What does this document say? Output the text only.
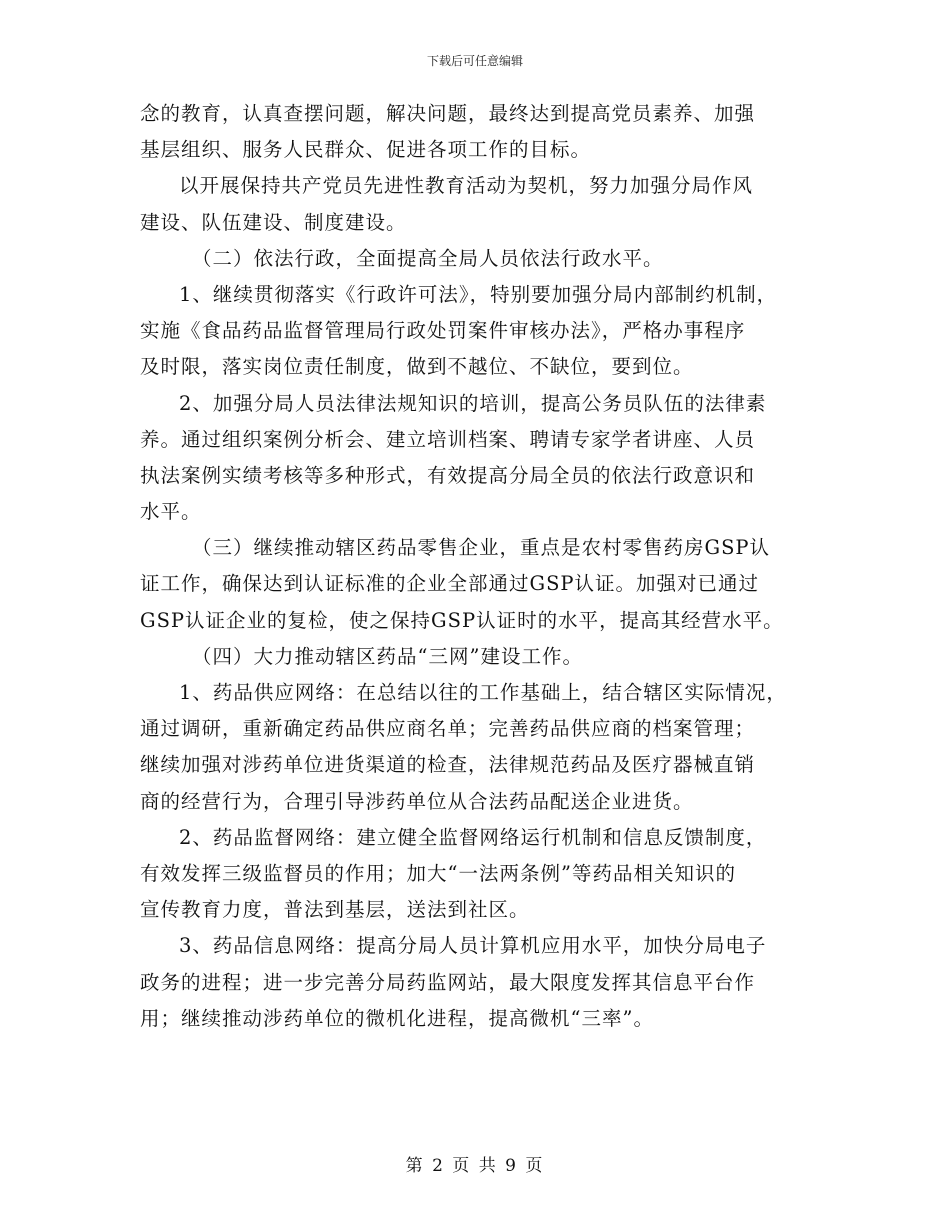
下载后可任意编辑
念的教育，认真查摆问题，解决问题，最终达到提高党员素养、加强
基层组织、服务人民群众、促进各项工作的目标。
以开展保持共产党员先进性教育活动为契机，努力加强分局作风
建设、队伍建设、制度建设。
（二）依法行政，全面提高全局人员依法行政水平。
1、继续贯彻落实《行政许可法》，特别要加强分局内部制约机制，
实施《食品药品监督管理局行政处罚案件审核办法》，严格办事程序
及时限，落实岗位责任制度，做到不越位、不缺位，要到位。
2、加强分局人员法律法规知识的培训，提高公务员队伍的法律素
养。通过组织案例分析会、建立培训档案、聘请专家学者讲座、人员
执法案例实绩考核等多种形式，有效提高分局全员的依法行政意识和
水平。
（三）继续推动辖区药品零售企业，重点是农村零售药房GSP认
证工作，确保达到认证标准的企业全部通过GSP认证。加强对已通过
GSP认证企业的复检，使之保持GSP认证时的水平，提高其经营水平。
（四）大力推动辖区药品“三网”建设工作。
1、药品供应网络：在总结以往的工作基础上，结合辖区实际情况，
通过调研，重新确定药品供应商名单；完善药品供应商的档案管理；
继续加强对涉药单位进货渠道的检查，法律规范药品及医疗器械直销
商的经营行为，合理引导涉药单位从合法药品配送企业进货。
2、药品监督网络：建立健全监督网络运行机制和信息反馈制度，
有效发挥三级监督员的作用；加大“一法两条例”等药品相关知识的
宣传教育力度，普法到基层，送法到社区。
3、药品信息网络：提高分局人员计算机应用水平，加快分局电子
政务的进程；进一步完善分局药监网站，最大限度发挥其信息平台作
用；继续推动涉药单位的微机化进程，提高微机“三率”。
第 2 页 共 9 页
